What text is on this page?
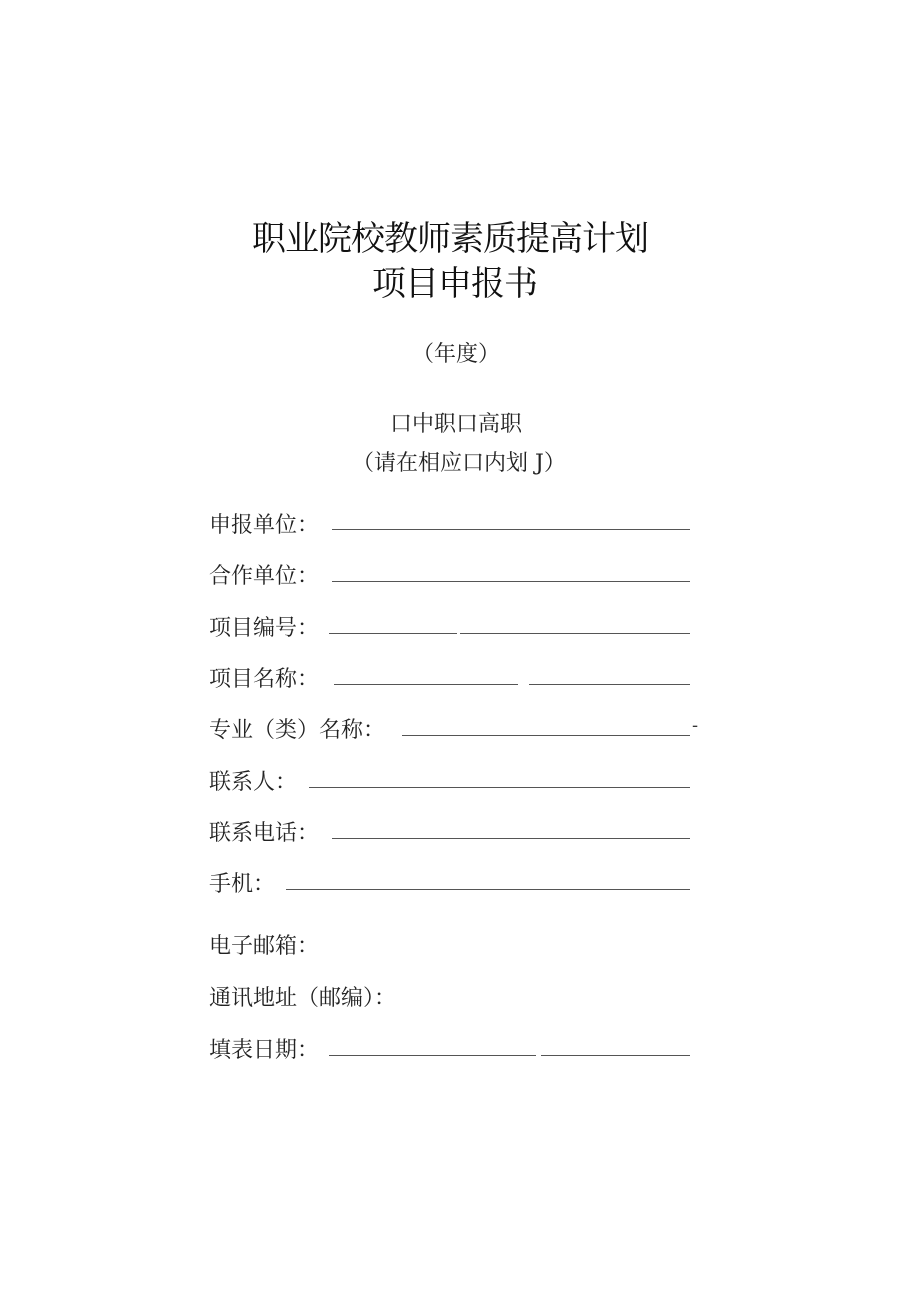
职业院校教师素质提高计划
项目申报书
（年度）
口中职口高职
（请在相应口内划 J）
申报单位：
合作单位：
项目编号：
项目名称：
专业（类）名称：	-
联系人：
联系电话：
手机：
电子邮箱：
通讯地址（邮编）：
填表日期：
